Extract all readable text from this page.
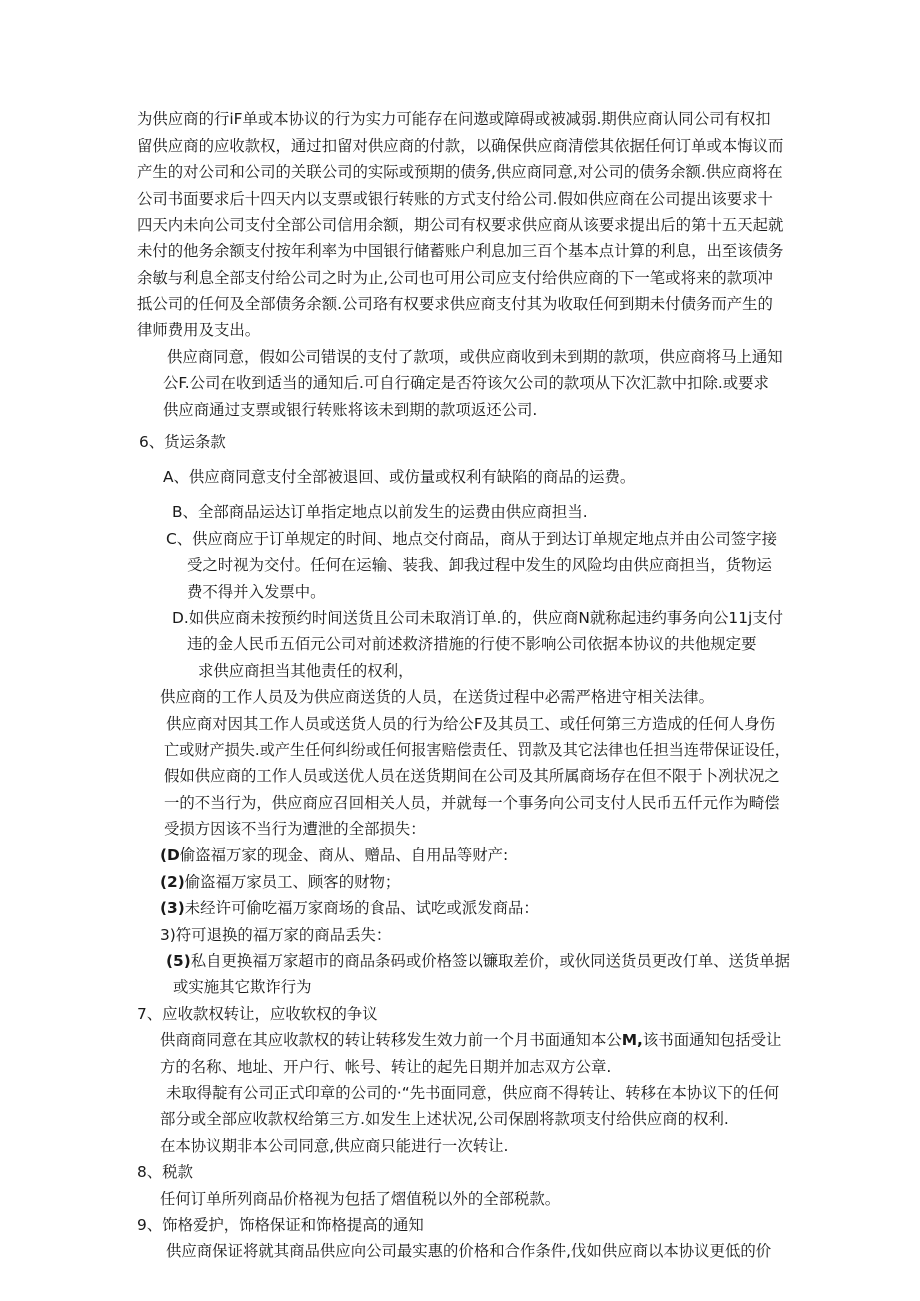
为供应商的行iF单或本协议的行为实力可能存在问遨或障碍或被减弱.期供应商认同公司有权扣
留供应商的应收款权，通过扣留对供应商的付款，以确保供应商清偿其依据任何订单或本悔议而
产生的对公司和公司的关联公司的实际或预期的债务,供应商同意,对公司的债务余额.供应商将在
公司书面要求后十四天内以支票或银行转账的方式支付给公司.假如供应商在公司提出该要求十
四天内未向公司支付全部公司信用余额，期公司有权要求供应商从该要求提出后的第十五天起就
未付的他务余额支付按年利率为中国银行储蓄账户利息加三百个基本点计算的利息，出至该债务
余敏与利息全部支付给公司之时为止,公司也可用公司应支付给供应商的下一笔或将来的款项冲
抵公司的任何及全部债务余额.公司珞有权要求供应商支付其为收取任何到期未付债务而产生的
律师费用及支出。
供应商同意，假如公司错误的支付了款项，或供应商收到未到期的款项，供应商将马上通知
公F.公司在收到适当的通知后.可自行确定是否符该欠公司的款项从下次汇款中扣除.或要求
供应商通过支票或银行转账将该未到期的款项返还公司.
6、货运条款
A、供应商同意支付全部被退回、或仿量或权利有缺陷的商品的运费。
B、全部商品运达订单指定地点以前发生的运费由供应商担当.
C、供应商应于订单规定的时间、地点交付商品，商从于到达订单规定地点并由公司签字接
受之时视为交付。任何在运输、装我、卸我过程中发生的风险均由供应商担当，货物运
费不得并入发票中。
D.如供应商未按预约时间送货且公司未取消订单.的，供应商N就称起违约事务向公11j支付
违的金人民币五佰元公司对前述救济措施的行使不影响公司依据本协议的共他规定要
求供应商担当其他责任的权利，
供应商的工作人员及为供应商送货的人员，在送货过程中必需严格进守相关法律。
供应商对因其工作人员或送货人员的行为给公F及其员工、或任何第三方造成的任何人身伤
亡或财产损失.或产生任何纠纷或任何报害赔偿责任、罚款及其它法律也任担当连带保证设任，
假如供应商的工作人员或送优人员在送货期间在公司及其所属商场存在但不限于卜冽状况之
一的不当行为，供应商应召回相关人员，并就每一个事务向公司支付人民币五仟元作为畸偿
受损方因该不当行为遭泄的全部损失：
(D偷盗福万家的现金、商从、赠品、自用品等财产:
(2)偷盗福万家员工、顾客的财物；
(3)未经许可偷吃福万家商场的食品、试吃或派发商品：
3)符可退换的福万家的商品丢失：
(5)私自更换福万家超市的商品条码或价格签以镰取差价，或伙同送货员更改仃单、送货单据
或实施其它欺诈行为
7、应收款权转让，应收软权的争议
供商商同意在其应收款权的转让转移发生效力前一个月书面通知本公M,该书面通知包括受让
方的名称、地址、开户行、帐号、转让的起先日期并加志双方公章.
未取得靛有公司正式印章的公司的·“先书面同意，供应商不得转让、转移在本协议下的任何
部分或全部应收款权给第三方.如发生上述状况,公司保剧将款项支付给供应商的权利.
在本协议期非本公司同意,供应商只能进行一次转让.
8、税款
任何订单所列商品价格视为包括了熠值税以外的全部税款。
9、饰格爱护，饰格保证和饰格提高的通知
供应商保证将就其商品供应向公司最实惠的价格和合作条件,伐如供应商以本协议更低的价
